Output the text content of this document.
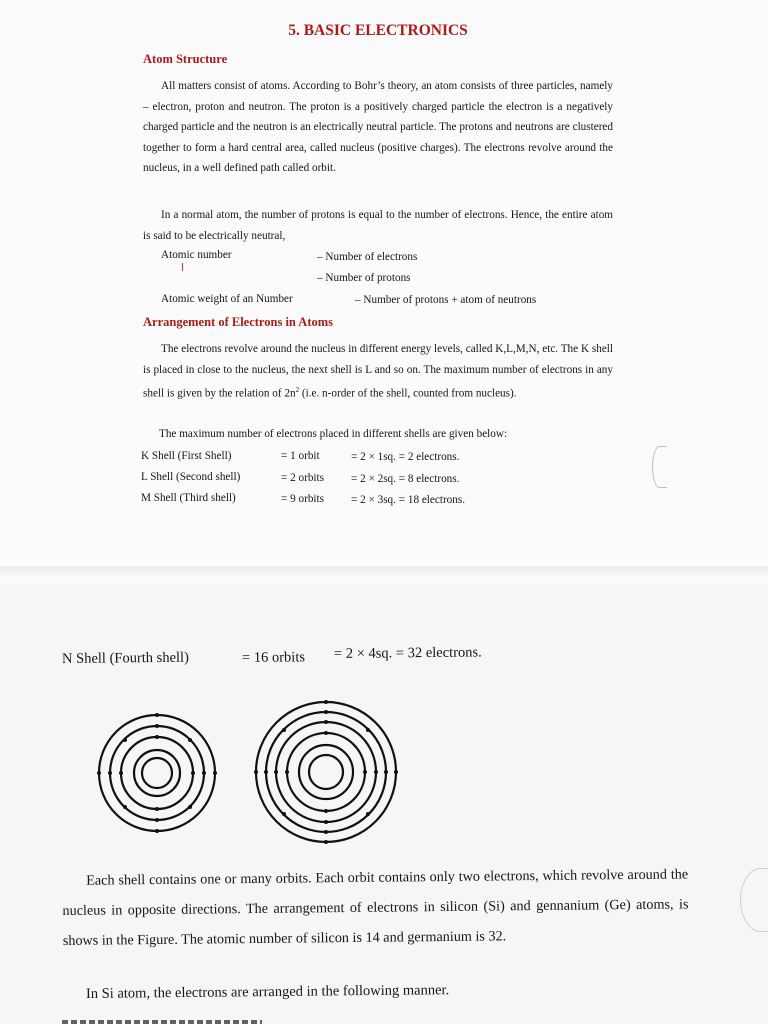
5. BASIC ELECTRONICS
Atom Structure
All matters consist of atoms. According to Bohr’s theory, an atom consists of three particles, namely – electron, proton and neutron. The proton is a positively charged particle the electron is a negatively charged particle and the neutron is an electrically neutral particle. The protons and neutrons are clustered together to form a hard central area, called nucleus (positive charges). The electrons revolve around the nucleus, in a well defined path called orbit.
In a normal atom, the number of protons is equal to the number of electrons. Hence, the entire atom is said to be electrically neutral,
Atomic number	– Number of electrons
– Number of protons
Atomic weight of an Number	– Number of protons + atom of neutrons
Arrangement of Electrons in Atoms
The electrons revolve around the nucleus in different energy levels, called K,L,M,N, etc. The K shell is placed in close to the nucleus, the next shell is L and so on. The maximum number of electrons in any shell is given by the relation of $2n^2$ (i.e. n-order of the shell, counted from nucleus).
The maximum number of electrons placed in different shells are given below:
K Shell (First Shell)	= 1 orbit	= 2 × 1sq. = 2 electrons.
L Shell (Second shell)	= 2 orbits = 2 × 2sq. = 8 electrons.
M Shell (Third shell)	= 9 orbits = 2 × 3sq. = 18 electrons.
N Shell (Fourth shell)	= 16 orbits = 2 × 4sq. = 32 electrons.
Each shell contains one or many orbits. Each orbit contains only two electrons, which revolve around the nucleus in opposite directions. The arrangement of electrons in silicon (Si) and gennanium (Ge) atoms, is shows in the Figure. The atomic number of silicon is 14 and germanium is 32.
In Si atom, the electrons are arranged in the following manner.
